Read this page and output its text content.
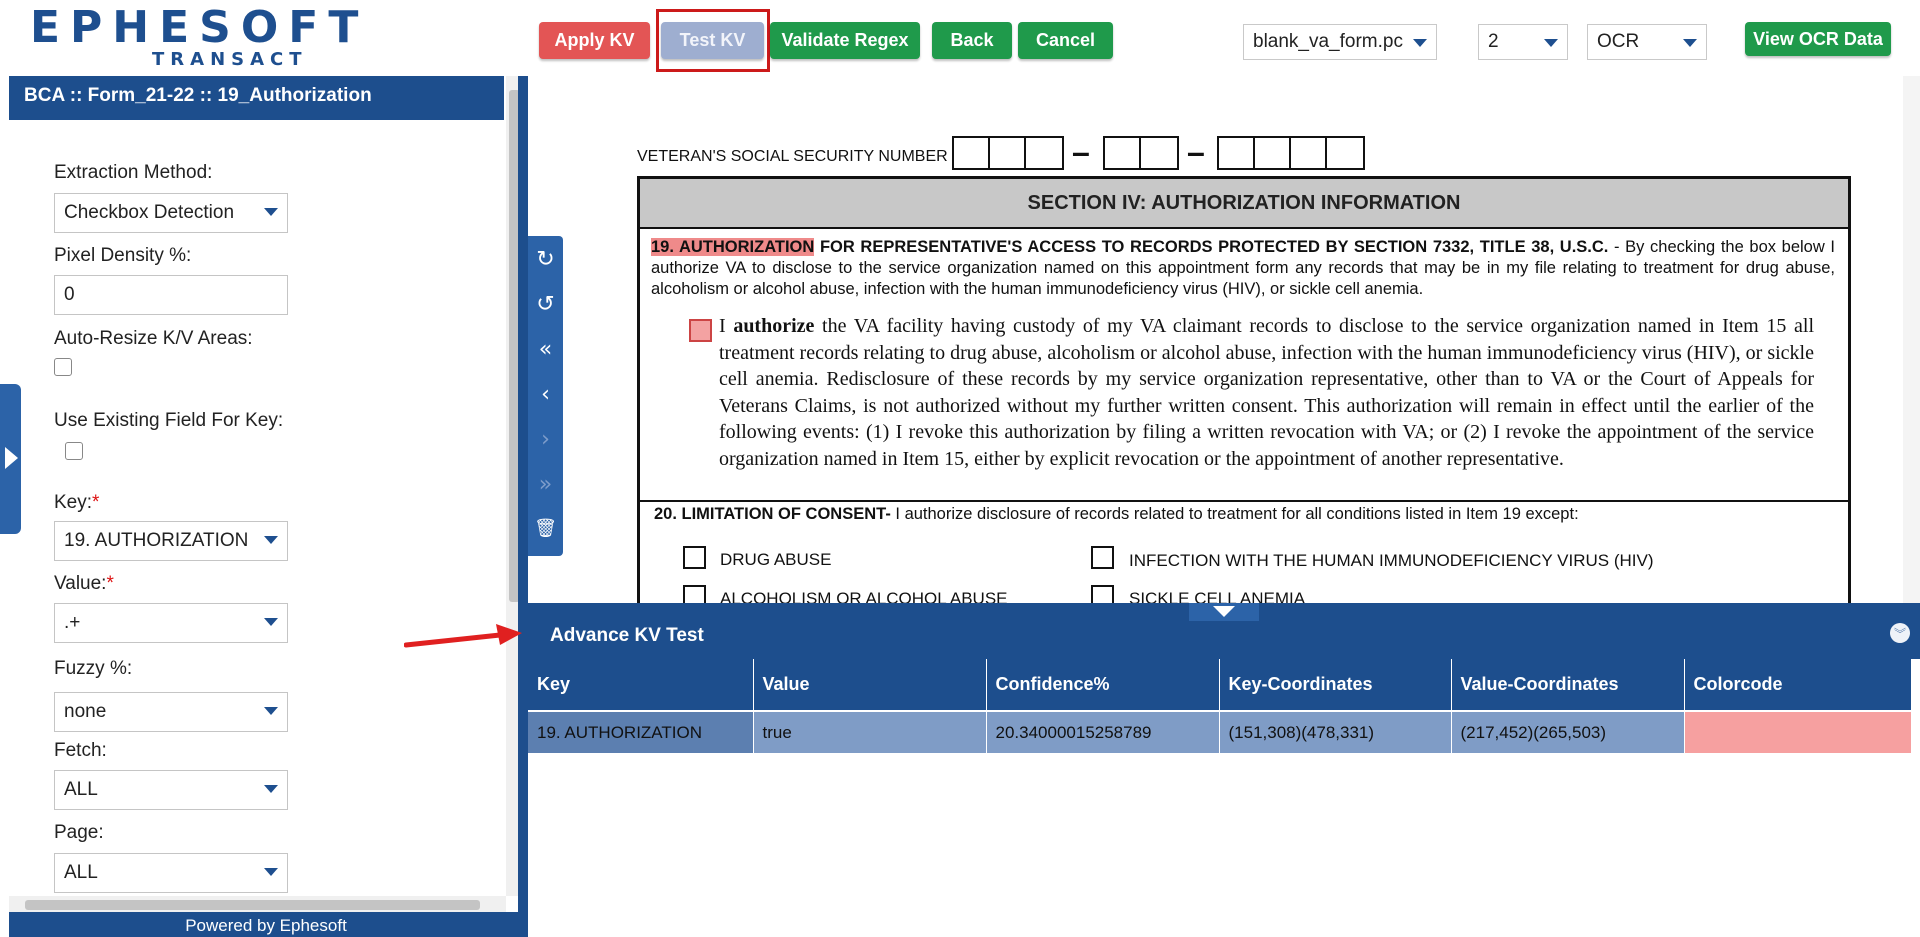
EPHESOFT
TRANSACT
Apply KV	Test KV	Validate Regex	Back	Cancel	blank_va_form.pc	2	OCR	View OCR Data
BCA :: Form_21-22 :: 19_Authorization
Extraction Method:
Checkbox Detection
Pixel Density %:
0
Auto-Resize K/V Areas:
Use Existing Field For Key:
Key:*
19. AUTHORIZATION
Value:*
.+
Fuzzy %:
none
Fetch:
ALL
Page:
ALL
Powered by Ephesoft
VETERAN'S SOCIAL SECURITY NUMBER	–	–
SECTION IV: AUTHORIZATION INFORMATION
19. AUTHORIZATION FOR REPRESENTATIVE'S ACCESS TO RECORDS PROTECTED BY SECTION 7332, TITLE 38, U.S.C. - By checking the box below I authorize VA to disclose to the service organization named on this appointment form any records that may be in my file relating to treatment for drug abuse, alcoholism or alcohol abuse, infection with the human immunodeficiency virus (HIV), or sickle cell anemia.
I authorize the VA facility having custody of my VA claimant records to disclose to the service organization named in Item 15 all treatment records relating to drug abuse, alcoholism or alcohol abuse, infection with the human immunodeficiency virus (HIV), or sickle cell anemia. Redisclosure of these records by my service organization representative, other than to VA or the Court of Appeals for Veterans Claims, is not authorized without my further written consent. This authorization will remain in effect until the earlier of the following events: (1) I revoke this authorization by filing a written revocation with VA; or (2) I revoke the appointment of the service organization named in Item 15, either by explicit revocation or the appointment of another representative.
20. LIMITATION OF CONSENT- I authorize disclosure of records related to treatment for all conditions listed in Item 19 except:
DRUG ABUSE	INFECTION WITH THE HUMAN IMMUNODEFICIENCY VIRUS (HIV)
ALCOHOLISM OR ALCOHOL ABUSE	SICKLE CELL ANEMIA
↻
↺
«
‹
›
»
🗑
Advance KV Test	︾
Key	Value	Confidence%	Key-Coordinates	Value-Coordinates	Colorcode
19. AUTHORIZATION	true	20.34000015258789	(151,308)(478,331)	(217,452)(265,503)	
